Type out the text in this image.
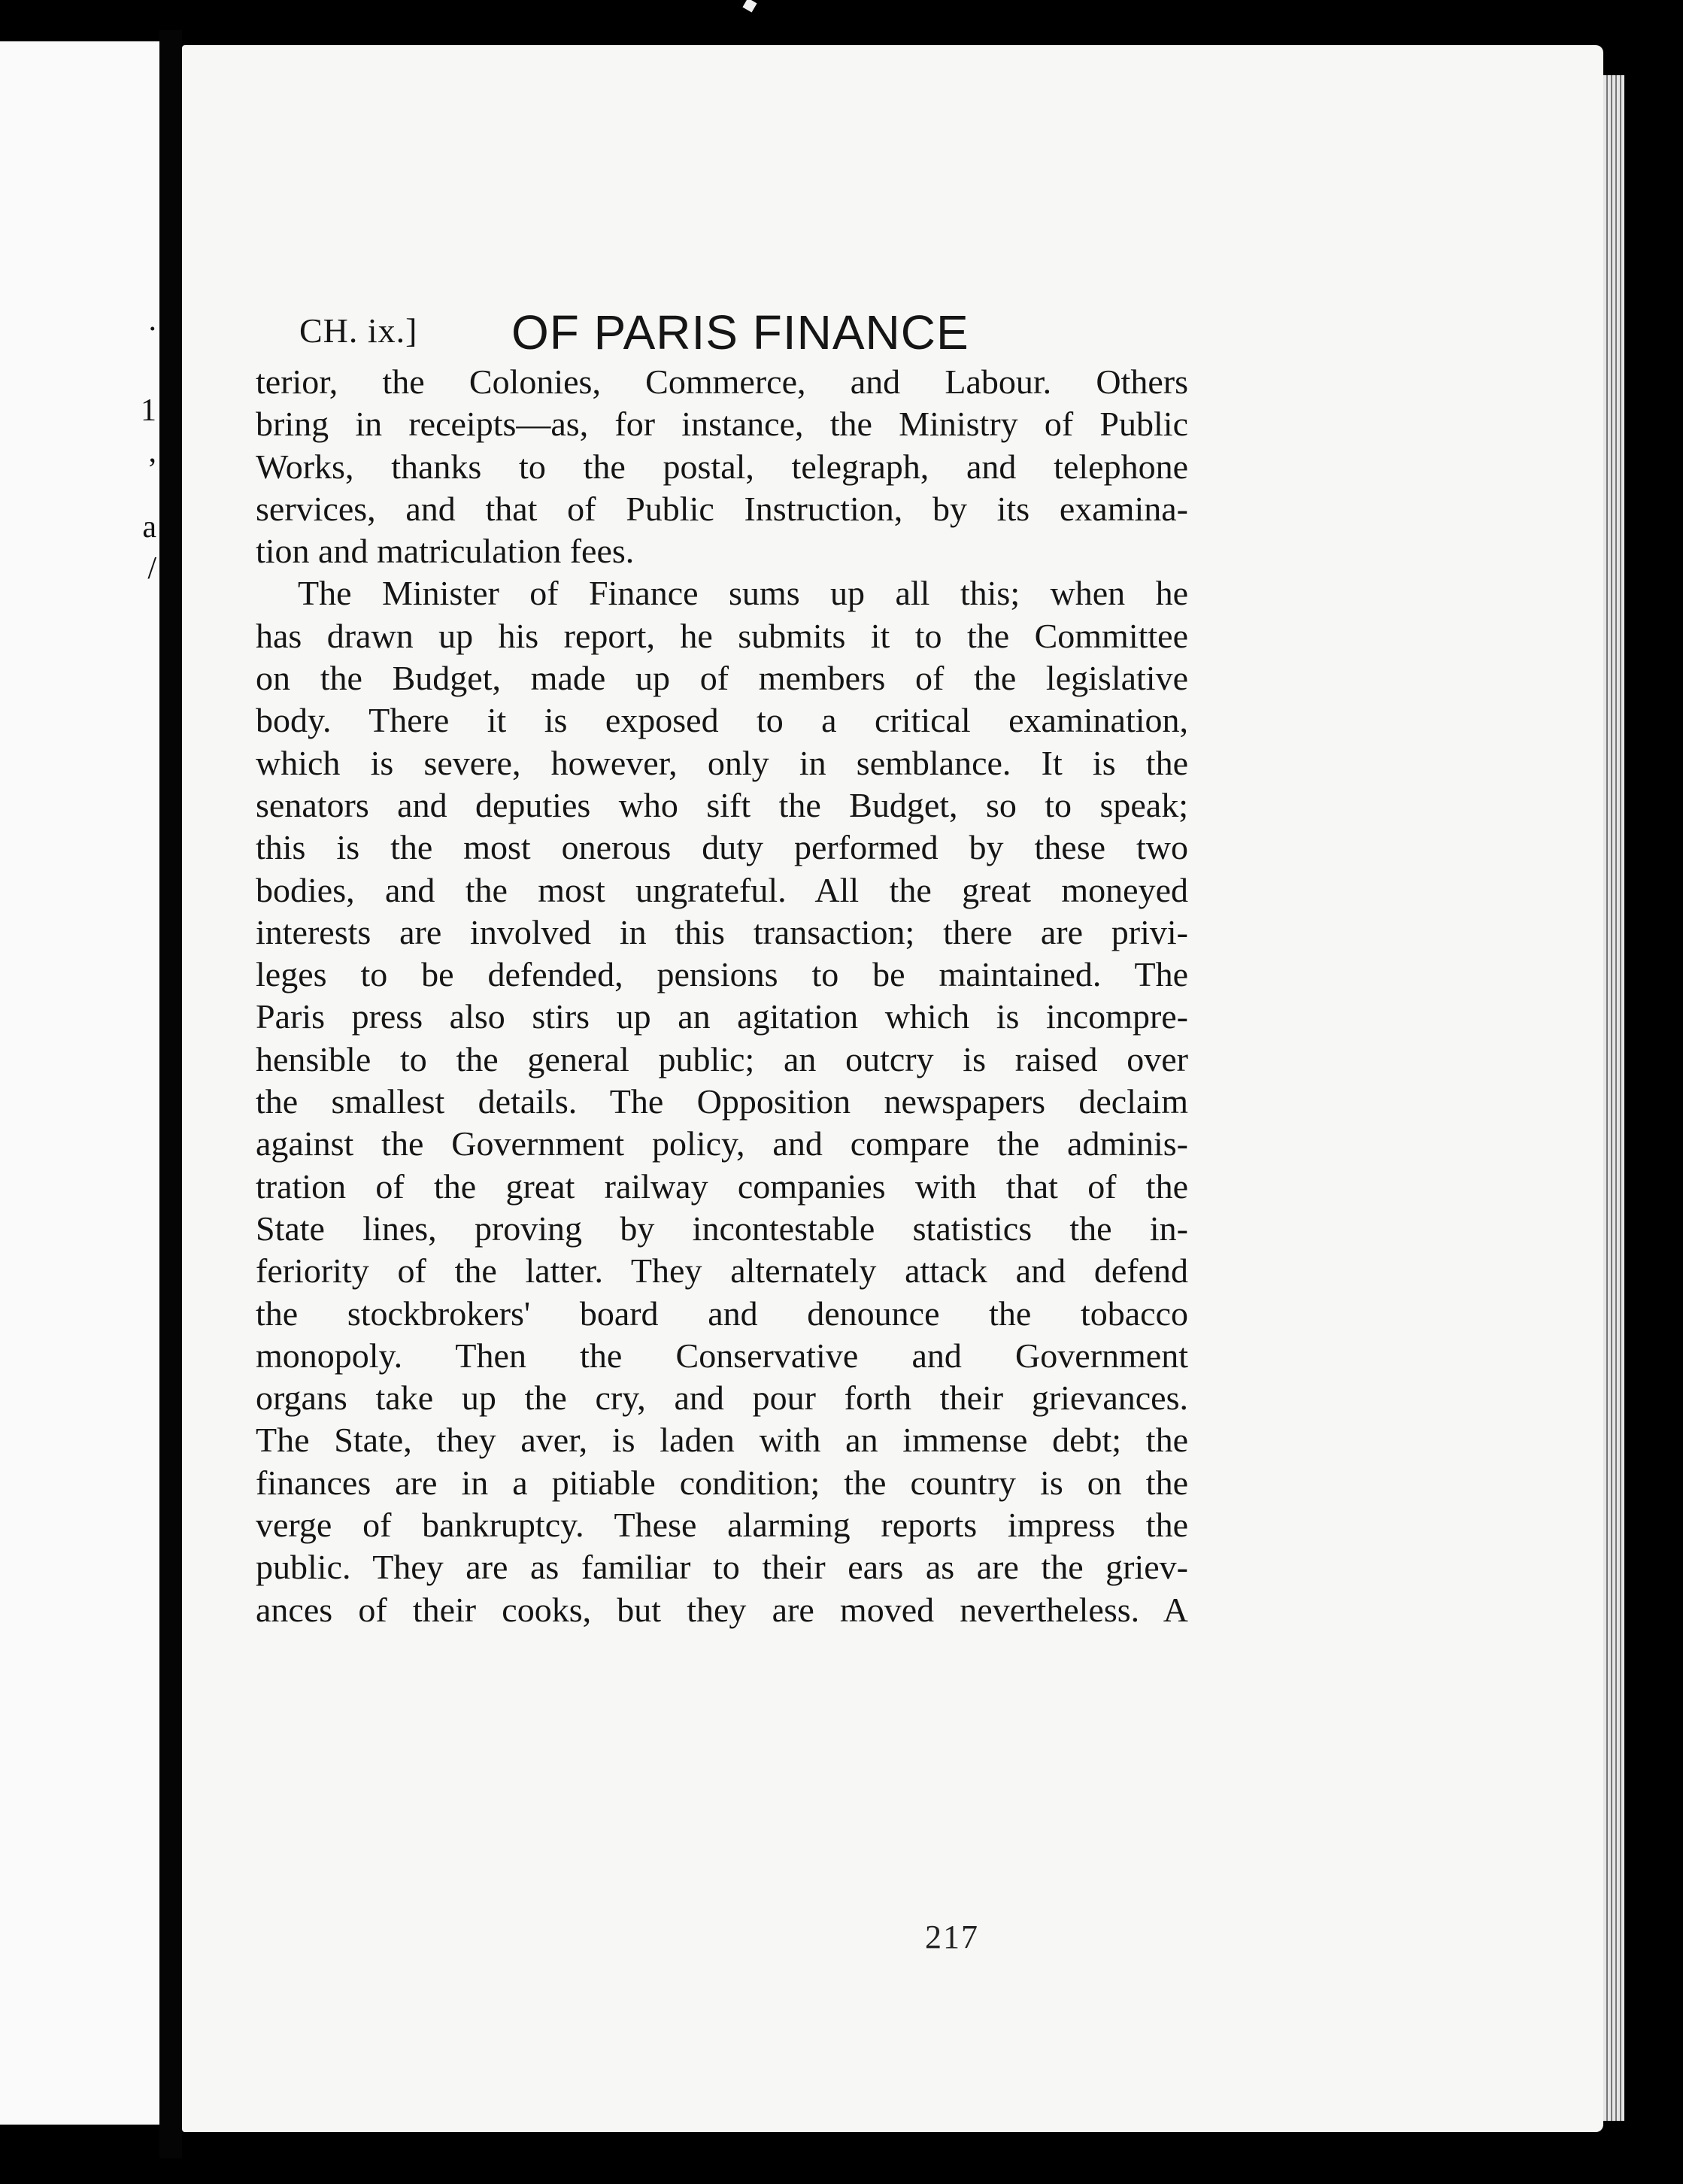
.
1
,
a
/
CH. ix.] OF PARIS FINANCE
terior, the Colonies, Commerce, and Labour. Others
bring in receipts—as, for instance, the Ministry of Public
Works, thanks to the postal, telegraph, and telephone
services, and that of Public Instruction, by its examina-
tion and matriculation fees.
The Minister of Finance sums up all this; when he
has drawn up his report, he submits it to the Committee
on the Budget, made up of members of the legislative
body. There it is exposed to a critical examination,
which is severe, however, only in semblance. It is the
senators and deputies who sift the Budget, so to speak;
this is the most onerous duty performed by these two
bodies, and the most ungrateful. All the great moneyed
interests are involved in this transaction; there are privi-
leges to be defended, pensions to be maintained. The
Paris press also stirs up an agitation which is incompre-
hensible to the general public; an outcry is raised over
the smallest details. The Opposition newspapers declaim
against the Government policy, and compare the adminis-
tration of the great railway companies with that of the
State lines, proving by incontestable statistics the in-
feriority of the latter. They alternately attack and defend
the stockbrokers' board and denounce the tobacco
monopoly. Then the Conservative and Government
organs take up the cry, and pour forth their grievances.
The State, they aver, is laden with an immense debt; the
finances are in a pitiable condition; the country is on the
verge of bankruptcy. These alarming reports impress the
public. They are as familiar to their ears as are the griev-
ances of their cooks, but they are moved nevertheless. A
217
